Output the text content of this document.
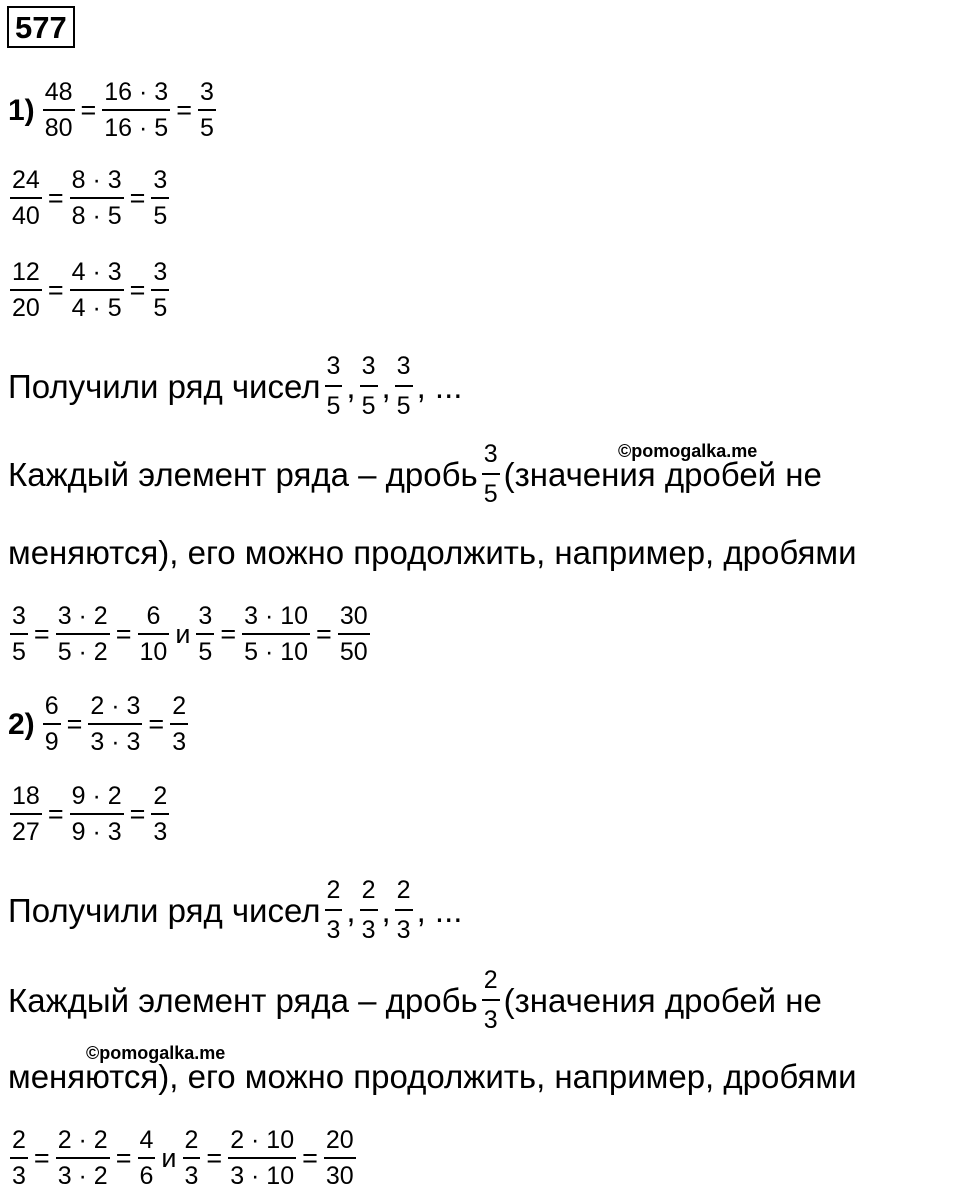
577
$1) \frac{48}{80} = \frac{16 \cdot 3}{16 \cdot 5} = \frac{3}{5}$
$\frac{24}{40} = \frac{8 \cdot 3}{8 \cdot 5} = \frac{3}{5}$
$\frac{12}{20} = \frac{4 \cdot 3}{4 \cdot 5} = \frac{3}{5}$
Получили ряд чисел $\frac{3}{5}$ , $\frac{3}{5}$ , $\frac{3}{5}$ ,
...
©pomogalka.me
Каждый элемент ряда – дробь $\frac{3}{5}$ (значения дробей не
меняются), его можно продолжить, например, дробями
$\frac{3}{5} = \frac{3 \cdot 2}{5 \cdot 2} = \frac{6}{10}$ и $\frac{3}{5} = \frac{3 \cdot 10}{5 \cdot 10} = \frac{30}{50}$
$2) \frac{6}{9} = \frac{2 \cdot 3}{3 \cdot 3} = \frac{2}{3}$
$\frac{18}{27} = \frac{9 \cdot 2}{9 \cdot 3} = \frac{2}{3}$
Получили ряд чисел $\frac{2}{3}$ , $\frac{2}{3}$ , $\frac{2}{3}$ ,
...
Каждый элемент ряда – дробь $\frac{2}{3}$ (значения дробей не
©pomogalka.me
меняются), его можно продолжить, например, дробями
$\frac{2}{3} = \frac{2 \cdot 2}{3 \cdot 2} = \frac{4}{6}$ и $\frac{2}{3} = \frac{2 \cdot 10}{3 \cdot 10} = \frac{20}{30}$
